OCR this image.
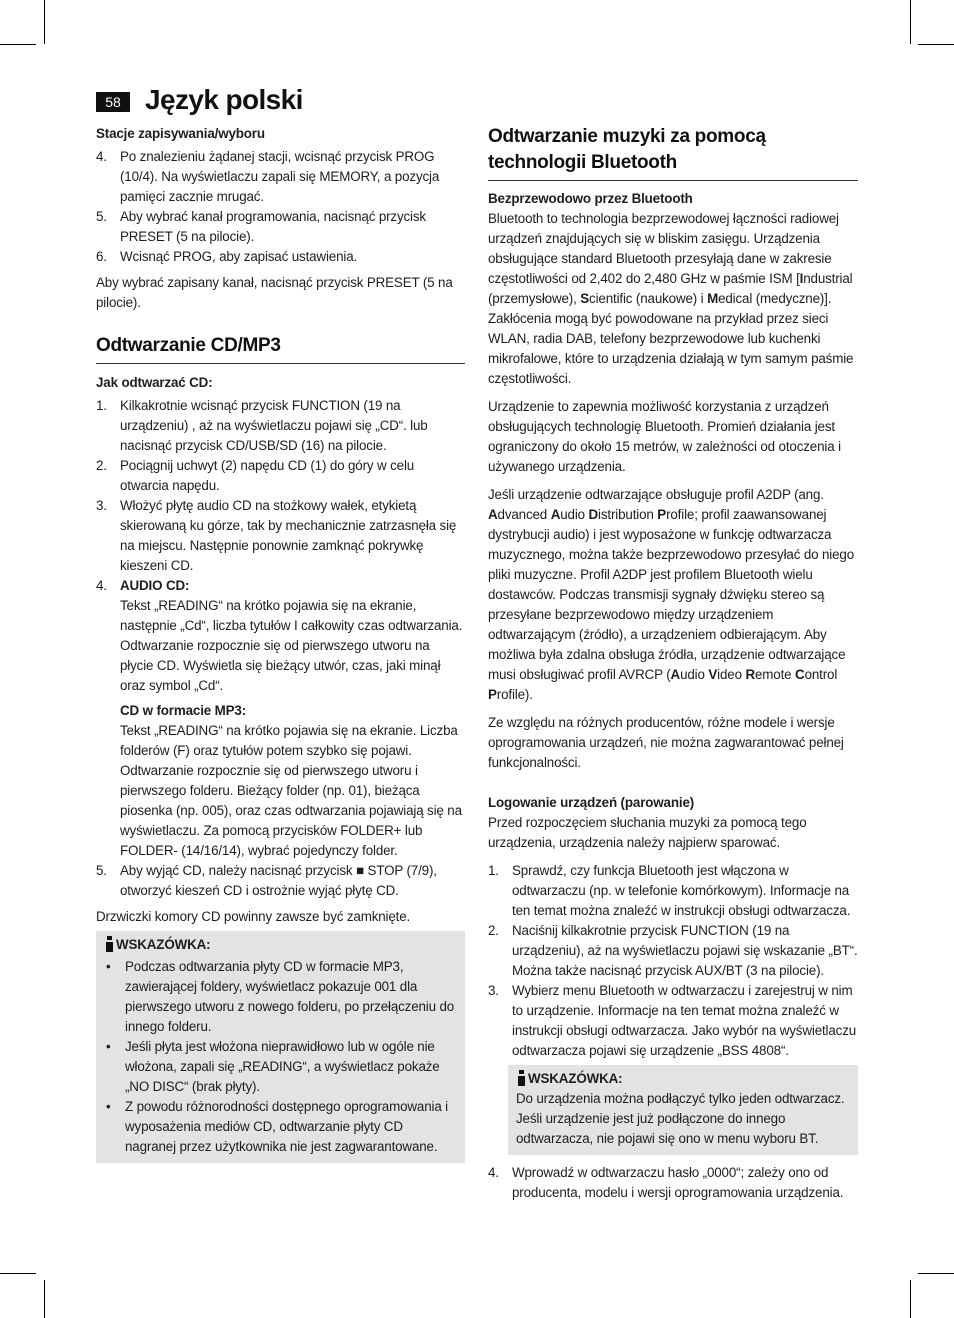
58 Język polski

Stacje zapisywania/wyboru

4. Po znalezieniu żądanej stacji, wcisnąć przycisk PROG (10/4). Na wyświetlaczu zapali się MEMORY, a pozycja pamięci zacznie mrugać.
5. Aby wybrać kanał programowania, nacisnąć przycisk PRESET (5 na pilocie).
6. Wcisnąć PROG, aby zapisać ustawienia.

Aby wybrać zapisany kanał, nacisnąć przycisk PRESET (5 na pilocie).

Odtwarzanie CD/MP3

Jak odtwarzać CD:

1. Kilkakrotnie wcisnąć przycisk FUNCTION (19 na urządzeniu) , aż na wyświetlaczu pojawi się „CD“. lub nacisnąć przycisk CD/USB/SD (16) na pilocie.
2. Pociągnij uchwyt (2) napędu CD (1) do góry w celu otwarcia napędu.
3. Włożyć płytę audio CD na stożkowy wałek, etykietą skierowaną ku górze, tak by mechanicznie zatrzasnęła się na miejscu. Następnie ponownie zamknąć pokrywkę kieszeni CD.
4. AUDIO CD:
Tekst „READING“ na krótko pojawia się na ekranie, następnie „Cd“, liczba tytułów I całkowity czas odtwarzania. Odtwarzanie rozpocznie się od pierwszego utworu na płycie CD. Wyświetla się bieżący utwór, czas, jaki minął oraz symbol „Cd“.
CD w formacie MP3:
Tekst „READING“ na krótko pojawia się na ekranie. Liczba folderów (F) oraz tytułów potem szybko się pojawi. Odtwarzanie rozpocznie się od pierwszego utworu i pierwszego folderu. Bieżący folder (np. 01), bieżąca piosenka (np. 005), oraz czas odtwarzania pojawiają się na wyświetlaczu. Za pomocą przycisków FOLDER+ lub FOLDER- (14/16/14), wybrać pojedynczy folder.
5. Aby wyjąć CD, należy nacisnąć przycisk ■ STOP (7/9), otworzyć kieszeń CD i ostrożnie wyjąć płytę CD.

Drzwiczki komory CD powinny zawsze być zamknięte.

WSKAZÓWKA:
• Podczas odtwarzania płyty CD w formacie MP3, zawierającej foldery, wyświetlacz pokazuje 001 dla pierwszego utworu z nowego folderu, po przełączeniu do innego folderu.
• Jeśli płyta jest włożona nieprawidłowo lub w ogóle nie włożona, zapali się „READING“, a wyświetlacz pokaże „NO DISC“ (brak płyty).
• Z powodu różnorodności dostępnego oprogramowania i wyposażenia mediów CD, odtwarzanie płyty CD nagranej przez użytkownika nie jest zagwarantowane.
Odtwarzanie muzyki za pomocą technologii Bluetooth

Bezprzewodowo przez Bluetooth

Bluetooth to technologia bezprzewodowej łączności radiowej urządzeń znajdujących się w bliskim zasięgu. Urządzenia obsługujące standard Bluetooth przesyłają dane w zakresie częstotliwości od 2,402 do 2,480 GHz w paśmie ISM [Industrial (przemysłowe), Scientific (naukowe) i Medical (medyczne)]. Zakłócenia mogą być powodowane na przykład przez sieci WLAN, radia DAB, telefony bezprzewodowe lub kuchenki mikrofalowe, które to urządzenia działają w tym samym paśmie częstotliwości.

Urządzenie to zapewnia możliwość korzystania z urządzeń obsługujących technologię Bluetooth. Promień działania jest ograniczony do około 15 metrów, w zależności od otoczenia i używanego urządzenia.

Jeśli urządzenie odtwarzające obsługuje profil A2DP (ang. Advanced Audio Distribution Profile; profil zaawansowanej dystrybucji audio) i jest wyposażone w funkcję odtwarzacza muzycznego, można także bezprzewodowo przesyłać do niego pliki muzyczne. Profil A2DP jest profilem Bluetooth wielu dostawców. Podczas transmisji sygnały dźwięku stereo są przesyłane bezprzewodowo między urządzeniem odtwarzającym (źródło), a urządzeniem odbierającym. Aby możliwa była zdalna obsługa źródła, urządzenie odtwarzające musi obsługiwać profil AVRCP (Audio Video Remote Control Profile).

Ze względu na różnych producentów, różne modele i wersje oprogramowania urządzeń, nie można zagwarantować pełnej funkcjonalności.

Logowanie urządzeń (parowanie)

Przed rozpoczęciem słuchania muzyki za pomocą tego urządzenia, urządzenia należy najpierw sparować.

1. Sprawdź, czy funkcja Bluetooth jest włączona w odtwarzaczu (np. w telefonie komórkowym). Informacje na ten temat można znaleźć w instrukcji obsługi odtwarzacza.
2. Naciśnij kilkakrotnie przycisk FUNCTION (19 na urządzeniu), aż na wyświetlaczu pojawi się wskazanie „BT“. Można także nacisnąć przycisk AUX/BT (3 na pilocie).
3. Wybierz menu Bluetooth w odtwarzaczu i zarejestruj w nim to urządzenie. Informacje na ten temat można znaleźć w instrukcji obsługi odtwarzacza. Jako wybór na wyświetlaczu odtwarzacza pojawi się urządzenie „BSS 4808“.
WSKAZÓWKA:
Do urządzenia można podłączyć tylko jeden odtwarzacz. Jeśli urządzenie jest już podłączone do innego odtwarzacza, nie pojawi się ono w menu wyboru BT.
4. Wprowadź w odtwarzaczu hasło „0000“; zależy ono od producenta, modelu i wersji oprogramowania urządzenia.
